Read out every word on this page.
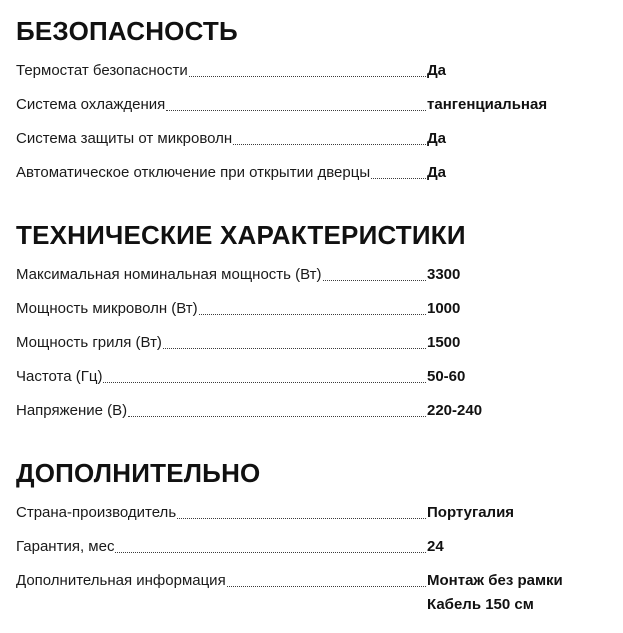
БЕЗОПАСНОСТЬ
Термостат безопасности	Да
Система охлаждения	тангенциальная
Система защиты от микроволн	Да
Автоматическое отключение при открытии дверцы	Да
ТЕХНИЧЕСКИЕ ХАРАКТЕРИСТИКИ
Максимальная номинальная мощность (Вт)	3300
Мощность микроволн (Вт)	1000
Мощность гриля (Вт)	1500
Частота (Гц)	50-60
Напряжение (В)	220-240
ДОПОЛНИТЕЛЬНО
Страна-производитель	Португалия
Гарантия, мес	24
Дополнительная информация	Монтаж без рамки
Кабель 150 см
